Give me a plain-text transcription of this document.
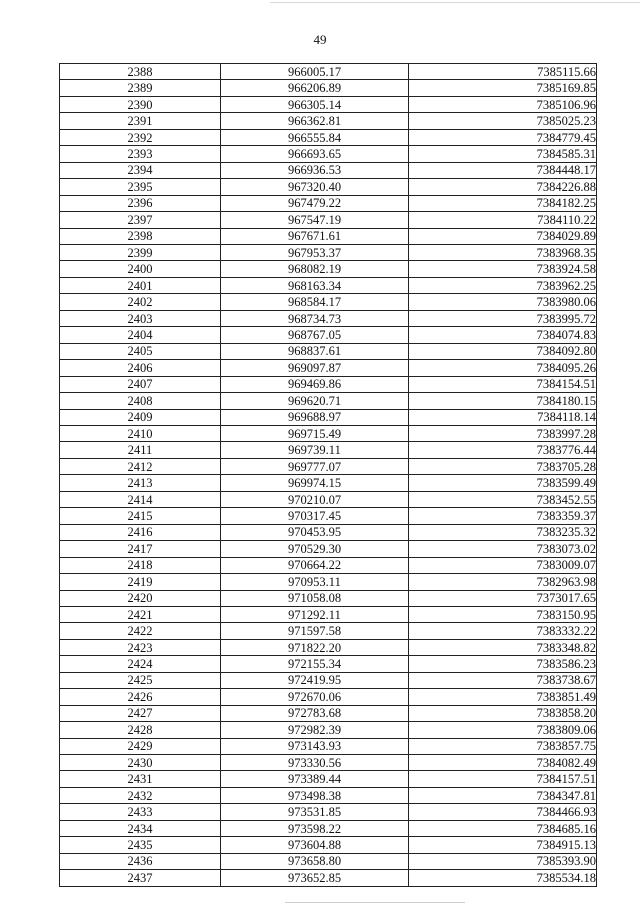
49
2388	966005.17	7385115.66
2389	966206.89	7385169.85
2390	966305.14	7385106.96
2391	966362.81	7385025.23
2392	966555.84	7384779.45
2393	966693.65	7384585.31
2394	966936.53	7384448.17
2395	967320.40	7384226.88
2396	967479.22	7384182.25
2397	967547.19	7384110.22
2398	967671.61	7384029.89
2399	967953.37	7383968.35
2400	968082.19	7383924.58
2401	968163.34	7383962.25
2402	968584.17	7383980.06
2403	968734.73	7383995.72
2404	968767.05	7384074.83
2405	968837.61	7384092.80
2406	969097.87	7384095.26
2407	969469.86	7384154.51
2408	969620.71	7384180.15
2409	969688.97	7384118.14
2410	969715.49	7383997.28
2411	969739.11	7383776.44
2412	969777.07	7383705.28
2413	969974.15	7383599.49
2414	970210.07	7383452.55
2415	970317.45	7383359.37
2416	970453.95	7383235.32
2417	970529.30	7383073.02
2418	970664.22	7383009.07
2419	970953.11	7382963.98
2420	971058.08	7373017.65
2421	971292.11	7383150.95
2422	971597.58	7383332.22
2423	971822.20	7383348.82
2424	972155.34	7383586.23
2425	972419.95	7383738.67
2426	972670.06	7383851.49
2427	972783.68	7383858.20
2428	972982.39	7383809.06
2429	973143.93	7383857.75
2430	973330.56	7384082.49
2431	973389.44	7384157.51
2432	973498.38	7384347.81
2433	973531.85	7384466.93
2434	973598.22	7384685.16
2435	973604.88	7384915.13
2436	973658.80	7385393.90
2437	973652.85	7385534.18
